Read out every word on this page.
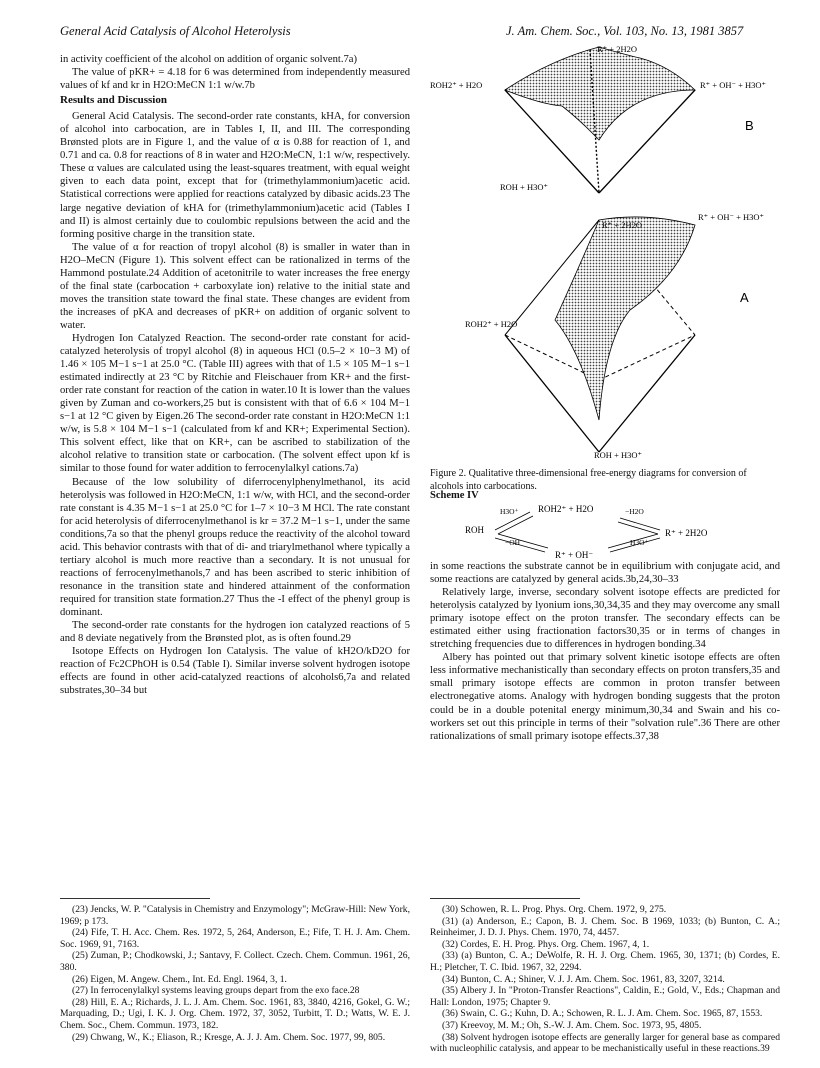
General Acid Catalysis of Alcohol Heterolysis	J. Am. Chem. Soc., Vol. 103, No. 13, 1981 3857

in activity coefficient of the alcohol on addition of organic solvent.7a)

The value of pKR+ = 4.18 for 6 was determined from independently measured values of kf and kr in H2O:MeCN 1:1 w/w.7b

Results and Discussion

General Acid Catalysis. The second-order rate constants, kHA, for conversion of alcohol into carbocation, are in Tables I, II, and III. The corresponding Brønsted plots are in Figure 1, and the value of α is 0.88 for reaction of 1, and 0.71 and ca. 0.8 for reactions of 8 in water and H2O:MeCN, 1:1 w/w, respectively. These α values are calculated using the least-squares treatment, with equal weight given to each data point, except that for (trimethylammonium)acetic acid. Statistical corrections were applied for reactions catalyzed by dibasic acids.23 The large negative deviation of kHA for (trimethylammonium)acetic acid (Tables I and II) is almost certainly due to coulombic repulsions between the acid and the forming positive charge in the transition state.

The value of α for reaction of tropyl alcohol (8) is smaller in water than in H2O–MeCN (Figure 1). This solvent effect can be rationalized in terms of the Hammond postulate.24 Addition of acetonitrile to water increases the free energy of the final state (carbocation + carboxylate ion) relative to the initial state and moves the transition state toward the final state. These changes are evident from the increases of pKA and decreases of pKR+ on addition of organic solvent to water.

Hydrogen Ion Catalyzed Reaction. The second-order rate constant for acid-catalyzed heterolysis of tropyl alcohol (8) in aqueous HCl (0.5–2 × 10−3 M) of 1.46 × 105 M−1 s−1 at 25.0 °C. (Table III) agrees with that of 1.5 × 105 M−1 s−1 estimated indirectly at 23 °C by Ritchie and Fleischauer from KR+ and the first-order rate constant for reaction of the cation in water.10 It is lower than the values given by Zuman and co-workers,25 but is consistent with that of 6.6 × 104 M−1 s−1 at 12 °C given by Eigen.26 The second-order rate constant in H2O:MeCN 1:1 w/w, is 5.8 × 104 M−1 s−1 (calculated from kf and KR+; Experimental Section). This solvent effect, like that on KR+, can be ascribed to stabilization of the alcohol relative to transition state or carbocation. (The solvent effect upon kf is similar to those found for water addition to ferrocenylalkyl cations.7a)

Because of the low solubility of diferrocenylphenylmethanol, its acid heterolysis was followed in H2O:MeCN, 1:1 w/w, with HCl, and the second-order rate constant is 4.35 M−1 s−1 at 25.0 °C for 1–7 × 10−3 M HCl. The rate constant for acid heterolysis of diferrocenylmethanol is kr = 37.2 M−1 s−1, under the same conditions,7a so that the phenyl groups reduce the reactivity of the alcohol toward acid. This behavior contrasts with that of di- and triarylmethanol where typically a tertiary alcohol is much more reactive than a secondary. It is not unusual for reactions of ferrocenylmethanols,7 and has been ascribed to steric inhibition of resonance in the transition state and hindered attainment of the conformation required for transition state formation.27 Thus the -I effect of the phenyl group is dominant.

The second-order rate constants for the hydrogen ion catalyzed reactions of 5 and 8 deviate negatively from the Brønsted plot, as is often found.29

Isotope Effects on Hydrogen Ion Catalysis. The value of kH2O/kD2O for reaction of Fc2CPhOH is 0.54 (Table I). Similar inverse solvent hydrogen isotope effects are found in other acid-catalyzed reactions of alcohols6,7a and related substrates,30–34 but

ROH + H3O⁺
R⁺ + 2H2O
ROH2⁺ + H2O	R⁺ + OH⁻ + H3O⁺
B
ROH + H3O⁺
R⁺ + 2H2O
ROH2⁺ + H2O
R⁺ + OH⁻ + H3O⁺
A
Figure 2. Qualitative three-dimensional free-energy diagrams for conversion of alcohols into carbocations.
Scheme IV
ROH
H3O⁺ ROH2⁺ + H2O	−H2O
−OH⁻
R⁺ + OH⁻
H3O⁺
R⁺ + 2H2O

in some reactions the substrate cannot be in equilibrium with conjugate acid, and some reactions are catalyzed by general acids.3b,24,30–33

Relatively large, inverse, secondary solvent isotope effects are predicted for heterolysis catalyzed by lyonium ions,30,34,35 and they may overcome any small primary isotope effect on the proton transfer. The secondary effects can be estimated either using fractionation factors30,35 or in terms of changes in stretching frequencies due to differences in hydrogen bonding.34

Albery has pointed out that primary solvent kinetic isotope effects are often less informative mechanistically than secondary effects on proton transfers,35 and small primary isotope effects are common in proton transfer between electronegative atoms. Analogy with hydrogen bonding suggests that the proton could be in a double potenital energy minimum,30,34 and Swain and his co-workers set out this principle in terms of their "solvation rule".36 There are other rationalizations of small primary isotope effects.37,38

(23) Jencks, W. P. "Catalysis in Chemistry and Enzymology"; McGraw-Hill: New York, 1969; p 173.

(24) Fife, T. H. Acc. Chem. Res. 1972, 5, 264, Anderson, E.; Fife, T. H. J. Am. Chem. Soc. 1969, 91, 7163.

(25) Zuman, P.; Chodkowski, J.; Santavy, F. Collect. Czech. Chem. Commun. 1961, 26, 380.

(26) Eigen, M. Angew. Chem., Int. Ed. Engl. 1964, 3, 1.

(27) In ferrocenylalkyl systems leaving groups depart from the exo face.28

(28) Hill, E. A.; Richards, J. L. J. Am. Chem. Soc. 1961, 83, 3840, 4216, Gokel, G. W.; Marquading, D.; Ugi, I. K. J. Org. Chem. 1972, 37, 3052, Turbitt, T. D.; Watts, W. E. J. Chem. Soc., Chem. Commun. 1973, 182.

(29) Chwang, W., K.; Eliason, R.; Kresge, A. J. J. Am. Chem. Soc. 1977, 99, 805.

(30) Schowen, R. L. Prog. Phys. Org. Chem. 1972, 9, 275.

(31) (a) Anderson, E.; Capon, B. J. Chem. Soc. B 1969, 1033; (b) Bunton, C. A.; Reinheimer, J. D. J. Phys. Chem. 1970, 74, 4457.

(32) Cordes, E. H. Prog. Phys. Org. Chem. 1967, 4, 1.

(33) (a) Bunton, C. A.; DeWolfe, R. H. J. Org. Chem. 1965, 30, 1371; (b) Cordes, E. H.; Pletcher, T. C. Ibid. 1967, 32, 2294.

(34) Bunton, C. A.; Shiner, V. J. J. Am. Chem. Soc. 1961, 83, 3207, 3214.

(35) Albery J. In "Proton-Transfer Reactions", Caldin, E.; Gold, V., Eds.; Chapman and Hall: London, 1975; Chapter 9.

(36) Swain, C. G.; Kuhn, D. A.; Schowen, R. L. J. Am. Chem. Soc. 1965, 87, 1553.

(37) Kreevoy, M. M.; Oh, S.-W. J. Am. Chem. Soc. 1973, 95, 4805.

(38) Solvent hydrogen isotope effects are generally larger for general base as compared with nucleophilic catalysis, and appear to be mechanistically useful in these reactions.39
